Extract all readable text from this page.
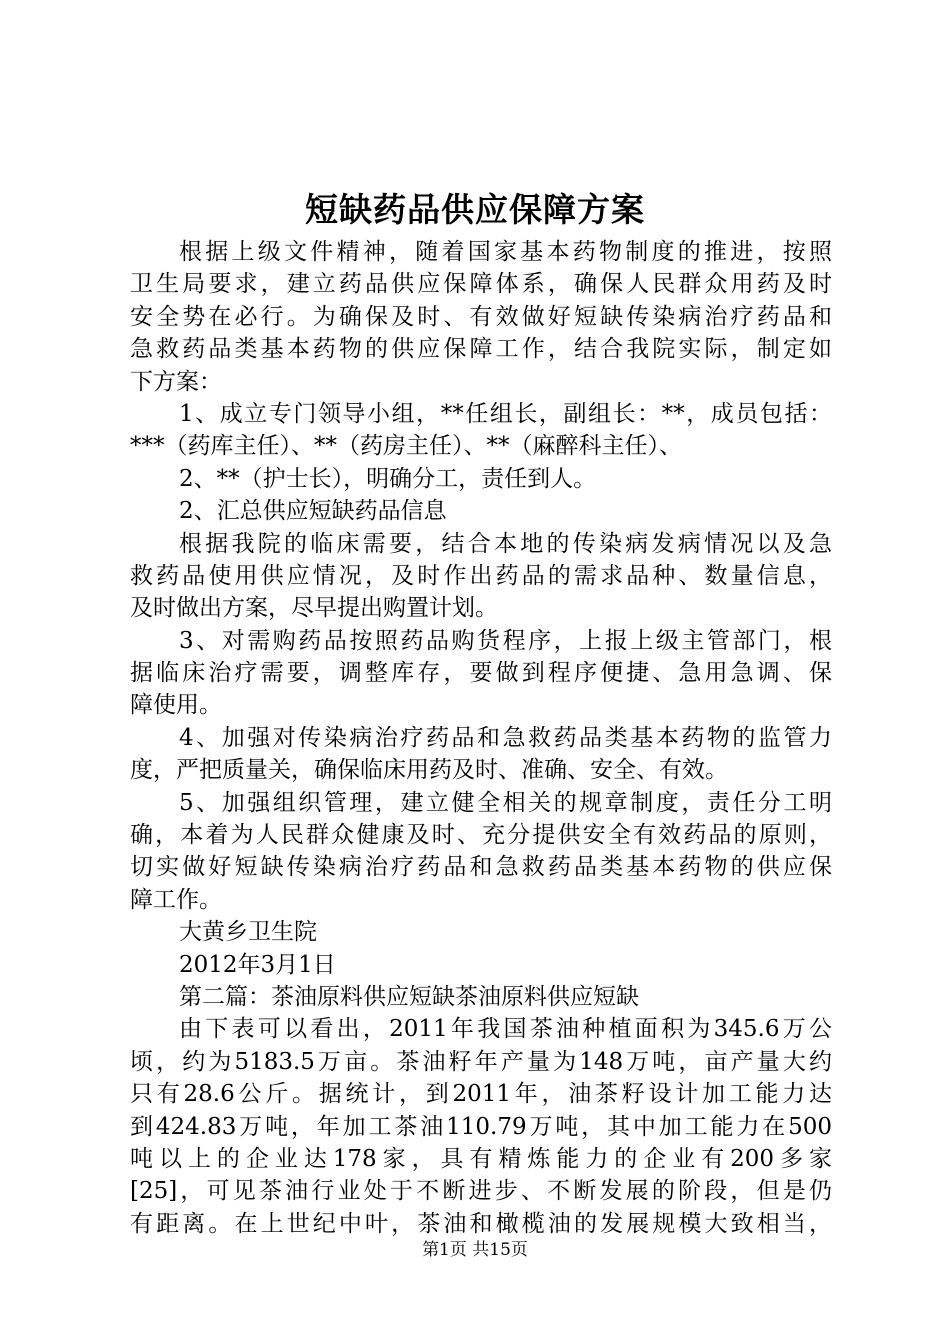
短缺药品供应保障方案
根据上级文件精神，随着国家基本药物制度的推进，按照
卫生局要求，建立药品供应保障体系，确保人民群众用药及时
安全势在必行。为确保及时、有效做好短缺传染病治疗药品和
急救药品类基本药物的供应保障工作，结合我院实际，制定如
下方案：
1、成立专门领导小组，**任组长，副组长：**，成员包括：
***（药库主任）、**（药房主任）、**（麻醉科主任）、
2、**（护士长），明确分工，责任到人。
2、汇总供应短缺药品信息
根据我院的临床需要，结合本地的传染病发病情况以及急
救药品使用供应情况，及时作出药品的需求品种、数量信息，
及时做出方案，尽早提出购置计划。
3、对需购药品按照药品购货程序，上报上级主管部门，根
据临床治疗需要，调整库存，要做到程序便捷、急用急调、保
障使用。
4、加强对传染病治疗药品和急救药品类基本药物的监管力
度，严把质量关，确保临床用药及时、准确、安全、有效。
5、加强组织管理，建立健全相关的规章制度，责任分工明
确，本着为人民群众健康及时、充分提供安全有效药品的原则，
切实做好短缺传染病治疗药品和急救药品类基本药物的供应保
障工作。
大黄乡卫生院
2012年3月1日
第二篇：茶油原料供应短缺茶油原料供应短缺
由下表可以看出，2011年我国茶油种植面积为345.6万公
顷，约为5183.5万亩。茶油籽年产量为148万吨，亩产量大约
只有28.6公斤。据统计，到2011年，油茶籽设计加工能力达
到424.83万吨，年加工茶油110.79万吨，其中加工能力在500
吨以上的企业达178家，具有精炼能力的企业有200多家
[25]，可见茶油行业处于不断进步、不断发展的阶段，但是仍
有距离。在上世纪中叶，茶油和橄榄油的发展规模大致相当，
第1页 共15页
